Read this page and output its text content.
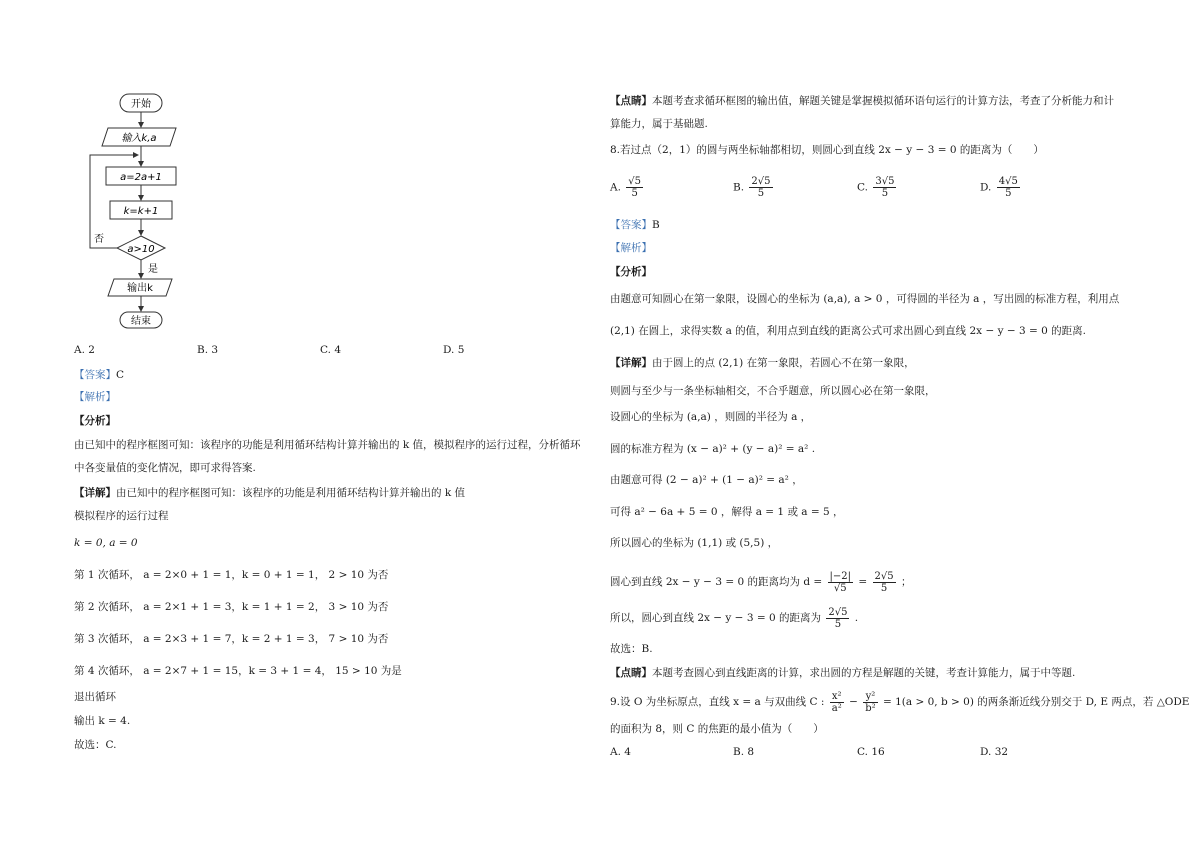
开始
输入k,a
a=2a+1
k=k+1
a>10
否
是
输出k
结束
A. 2	B. 3	C. 4	D. 5
【答案】C
【解析】
【分析】
由已知中的程序框图可知：该程序的功能是利用循环结构计算并输出的 k 值，模拟程序的运行过程，分析循环
中各变量值的变化情况，即可求得答案.
【详解】由已知中的程序框图可知：该程序的功能是利用循环结构计算并输出的 k 值
模拟程序的运行过程
k = 0, a = 0
第 1 次循环， a = 2×0 + 1 = 1，k = 0 + 1 = 1， 2 > 10 为否
第 2 次循环， a = 2×1 + 1 = 3，k = 1 + 1 = 2， 3 > 10 为否
第 3 次循环， a = 2×3 + 1 = 7，k = 2 + 1 = 3， 7 > 10 为否
第 4 次循环， a = 2×7 + 1 = 15，k = 3 + 1 = 4， 15 > 10 为是
退出循环
输出 k = 4.
故选：C.
【点睛】本题考查求循环框图的输出值，解题关键是掌握模拟循环语句运行的计算方法，考查了分析能力和计
算能力，属于基础题.
8.若过点（2，1）的圆与两坐标轴都相切，则圆心到直线 2x − y − 3 = 0 的距离为（　　）
A. $\frac{√5}{5}$	B. $\frac{2√5}{5}$	C. $\frac{3√5}{5}$	D. $\frac{4√5}{5}$
【答案】B
【解析】
【分析】
由题意可知圆心在第一象限，设圆心的坐标为 (a,a), a > 0 ，可得圆的半径为 a ，写出圆的标准方程，利用点
(2,1) 在圆上，求得实数 a 的值，利用点到直线的距离公式可求出圆心到直线 2x − y − 3 = 0 的距离.
【详解】由于圆上的点 (2,1) 在第一象限，若圆心不在第一象限，
则圆与至少与一条坐标轴相交，不合乎题意，所以圆心必在第一象限，
设圆心的坐标为 (a,a) ，则圆的半径为 a ，
圆的标准方程为 (x − a)² + (y − a)² = a² .
由题意可得 (2 − a)² + (1 − a)² = a² ，
可得 a² − 6a + 5 = 0 ，解得 a = 1 或 a = 5 ，
所以圆心的坐标为 (1,1) 或 (5,5) ，
圆心到直线 2x − y − 3 = 0 的距离均为 $d = \frac{|-2|}{√5} = \frac{2√5}{5}$ ；
所以，圆心到直线 2x − y − 3 = 0 的距离为 $\frac{2√5}{5}$ .
故选：B.
【点睛】本题考查圆心到直线距离的计算，求出圆的方程是解题的关键，考查计算能力，属于中等题.
9.设 O 为坐标原点，直线 x = a 与双曲线 C : $\frac{\text{x²}}{\text{a²}} - \frac{\text{y²}}{\text{b²}} = 1(a > 0$, b > 0) 的两条渐近线分别交于 D, E 两点，若 △ODE
的面积为 8，则 C 的焦距的最小值为（　　）
A. 4	B. 8	C. 16	D. 32
